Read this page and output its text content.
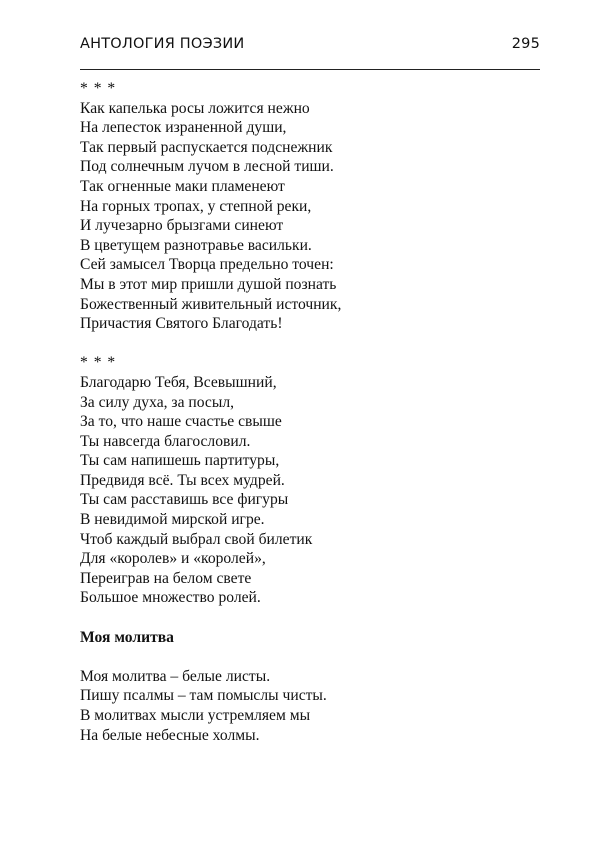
АНТОЛОГИЯ ПОЭЗИИ	295
* * *
Как капелька росы ложится нежно
На лепесток израненной души,
Так первый распускается подснежник
Под солнечным лучом в лесной тиши.
Так огненные маки пламенеют
На горных тропах, у степной реки,
И лучезарно брызгами синеют
В цветущем разнотравье васильки.
Сей замысел Творца предельно точен:
Мы в этот мир пришли душой познать
Божественный живительный источник,
Причастия Святого Благодать!
* * *
Благодарю Тебя, Всевышний,
За силу духа, за посыл,
За то, что наше счастье свыше
Ты навсегда благословил.
Ты сам напишешь партитуры,
Предвидя всё. Ты всех мудрей.
Ты сам расставишь все фигуры
В невидимой мирской игре.
Чтоб каждый выбрал свой билетик
Для «королев» и «королей»,
Переиграв на белом свете
Большое множество ролей.
Моя молитва
Моя молитва – белые листы.
Пишу псалмы – там помыслы чисты.
В молитвах мысли устремляем мы
На белые небесные холмы.
